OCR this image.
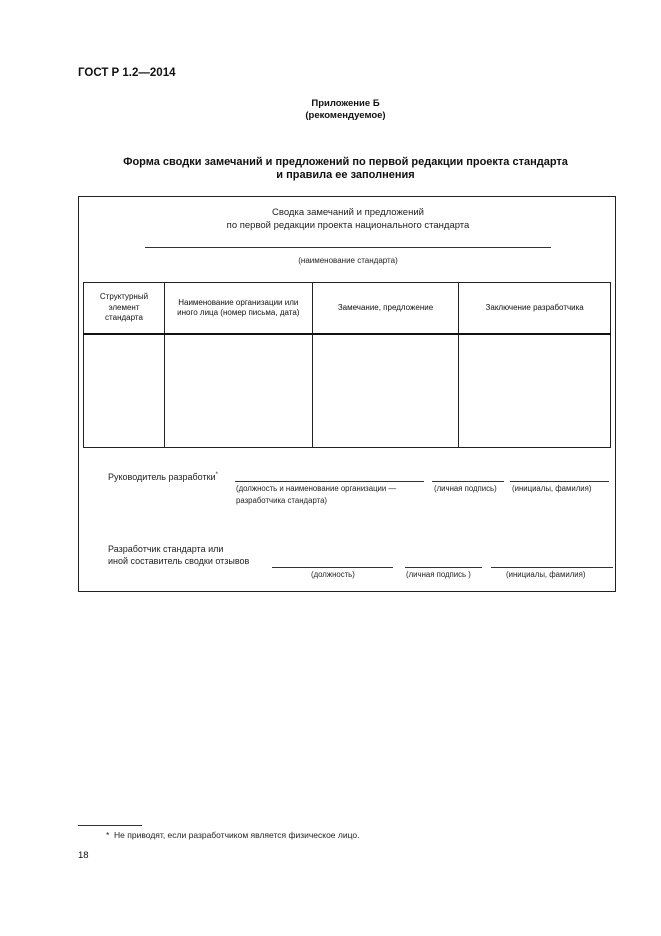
ГОСТ Р 1.2—2014
Приложение Б
(рекомендуемое)
Форма сводки замечаний и предложений по первой редакции проекта стандарта
и правила ее заполнения
Сводка замечаний и предложений
по первой редакции проекта национального стандарта
(наименование стандарта)
Структурный элемент стандарта	Наименование организации или иного лица (номер письма, дата)	Замечание, предложение	Заключение разработчика

Руководитель разработки*
(должность и наименование организации —
разработчика стандарта)
(личная подпись) (инициалы, фамилия)
Разработчик стандарта или
иной составитель сводки отзывов
(должность)	(личная подпись )	(инициалы, фамилия)
* Не приводят, если разработчиком является физическое лицо.
18
